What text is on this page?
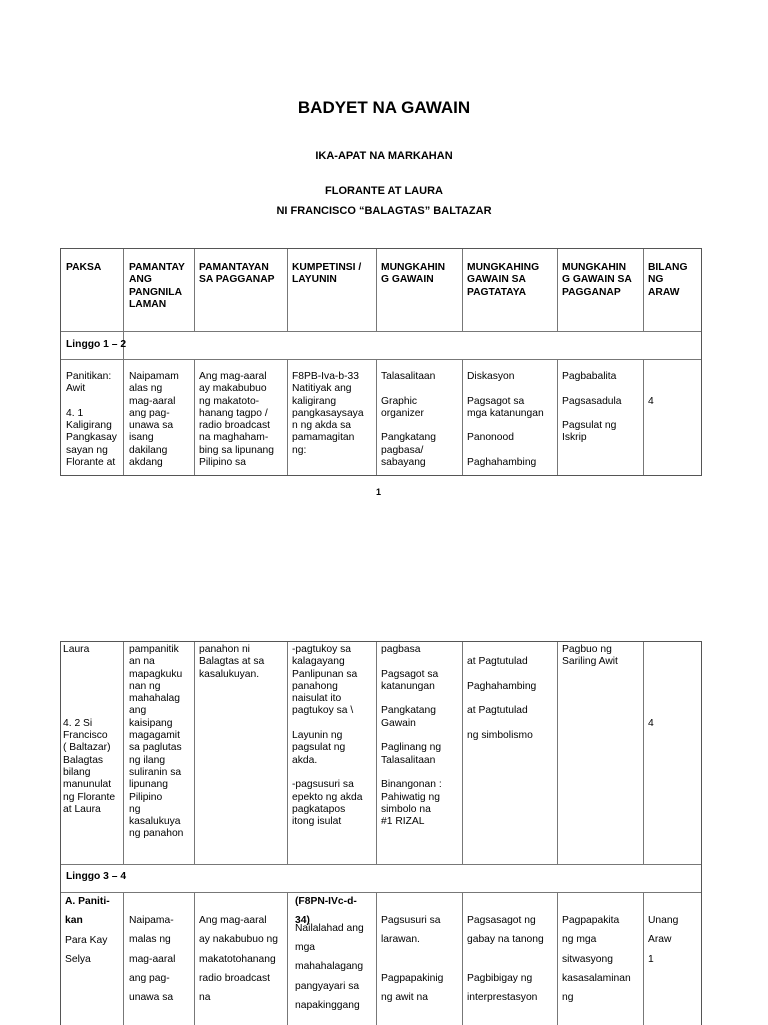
BADYET NA GAWAIN
IKA-APAT NA MARKAHAN
FLORANTE AT LAURA
NI FRANCISCO “BALAGTAS” BALTAZAR
PAKSA	PAMANTAY
ANG
PANGNILA
LAMAN
PAMANTAYAN
SA PAGGANAP
KUMPETINSI /
LAYUNIN
MUNGKAHIN
G GAWAIN
MUNGKAHING
GAWAIN SA
PAGTATAYA
MUNGKAHIN
G GAWAIN SA
PAGGANAP
BILANG
NG
ARAW
Linggo 1 – 2
Panitikan:
Awit

4. 1
Kaligirang
Pangkasay
sayan ng
Florante at
Naipamam
alas ng
mag-aaral
ang pag-
unawa sa
isang
dakilang
akdang
Ang mag-aaral
ay makabubuo
ng makatoto-
hanang tagpo /
radio broadcast
na maghaham-
bing sa lipunang
Pilipino sa
F8PB-Iva-b-33
Natitiyak ang
kaligirang
pangkasaysaya
n ng akda sa
pamamagitan
ng:
Talasalitaan

Graphic
organizer

Pangkatang
pagbasa/
sabayang
Diskasyon

Pagsagot sa
mga katanungan

Panonood

Paghahambing
Pagbabalita

Pagsasadula

Pagsulat ng
Iskrip
4
1
Laura

4. 2 Si
Francisco
( Baltazar)
Balagtas
bilang
manunulat
ng Florante
at Laura
pampanitik
an na
mapagkuku
nan ng
mahahalag
ang
kaisipang
magagamit
sa paglutas
ng ilang
suliranin sa
lipunang
Pilipino
ng
kasalukuya
ng panahon
panahon ni
Balagtas at sa
kasalukuyan.
-pagtukoy sa
kalagayang
Panlipunan sa
panahong
naisulat ito
pagtukoy sa \

Layunin ng
pagsulat ng
akda.

-pagsusuri sa
epekto ng akda
pagkatapos
itong isulat
pagbasa

Pagsagot sa
katanungan

Pangkatang
Gawain

Paglinang ng
Talasalitaan

Binangonan :
Pahiwatig ng
simbolo na
#1 RIZAL

at Pagtutulad

Paghahambing

at Pagtutulad

ng simbolismo
Pagbuo ng
Sariling Awit

4
Linggo 3 – 4
A. Paniti-
kan
Para Kay
Selya

Naipama-
malas ng
mag-aaral
ang pag-
unawa sa

Ang mag-aaral
ay nakabubuo ng
makatotohanang
radio broadcast
na
(F8PN-IVc-d-
34)
Nailalahad ang
mga
mahahalagang
pangyayari sa
napakinggang

Pagsusuri sa
larawan.

Pagpapakinig
ng awit na

Pagsasagot ng
gabay na tanong

Pagbibigay ng
interprestasyon

Pagpapakita
ng mga
sitwasyong
kasasalaminan
ng

Unang
Araw
1
